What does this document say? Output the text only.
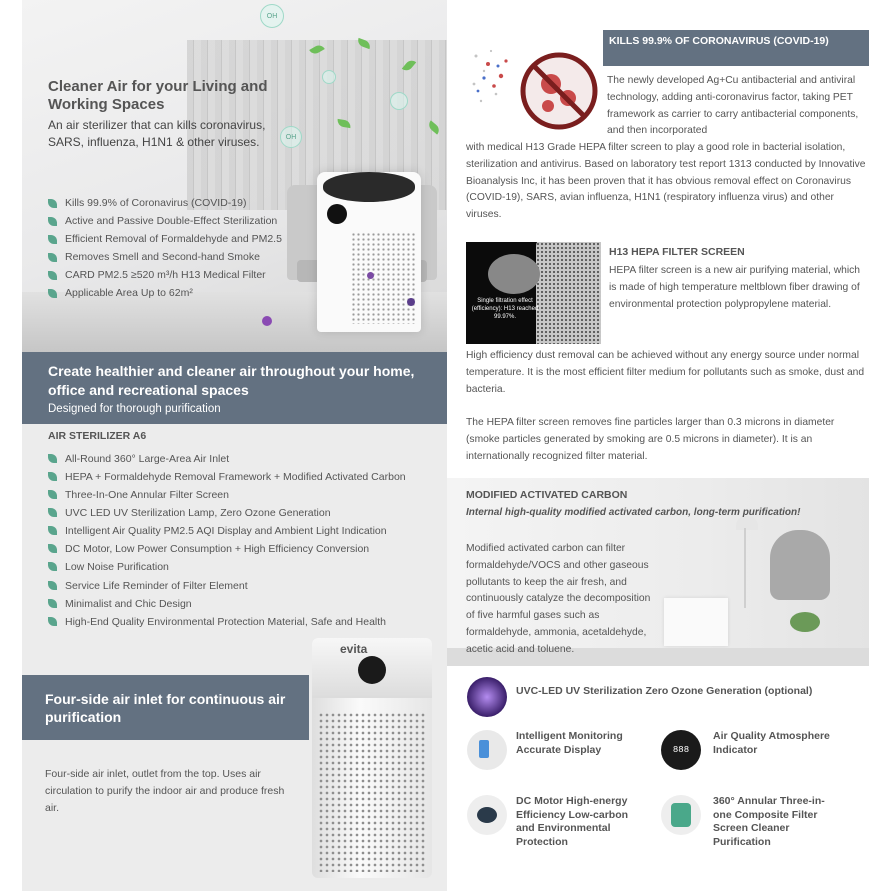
OH
OH
Cleaner Air for your Living and Working Spaces
An air sterilizer that can kills coronavirus, SARS, influenza, H1N1 & other viruses.
Kills 99.9% of Coronavirus (COVID-19)
Active and Passive Double-Effect Sterilization
Efficient Removal of Formaldehyde and PM2.5
Removes Smell and Second-hand Smoke
CARD PM2.5 ≥520 m³/h H13 Medical Filter
Applicable Area Up to 62m²
Create healthier and cleaner air throughout your home, office and recreational spaces
Designed for thorough purification
AIR STERILIZER A6
All-Round 360° Large-Area Air Inlet
HEPA + Formaldehyde Removal Framework + Modified Activated Carbon
Three-In-One Annular Filter Screen
UVC LED UV Sterilization Lamp, Zero Ozone Generation
Intelligent Air Quality PM2.5 AQI Display and Ambient Light Indication
DC Motor, Low Power Consumption + High Efficiency Conversion
Low Noise Purification
Service Life Reminder of Filter Element
Minimalist and Chic Design
High-End Quality Environmental Protection Material, Safe and Health
evita
Four-side air inlet for continuous air purification
Four-side air inlet, outlet from the top. Uses air circulation to purify the indoor air and produce fresh air.
KILLS 99.9% OF CORONAVIRUS (COVID-19)
The newly developed Ag+Cu antibacterial and antiviral technology, adding anti-coronavirus factor, taking PET framework as carrier to carry antibacterial components, and then incorporated
with medical H13 Grade HEPA filter screen to play a good role in bacterial isolation, sterilization and antivirus. Based on laboratory test report 1313 conducted by Innovative Bioanalysis Inc, it has been proven that it has obvious removal effect on Coronavirus (COVID-19), SARS, avian influenza, H1N1 (respiratory influenza virus) and other viruses.
Single filtration effect (efficiency): H13 reached 99.97%.
H13 HEPA FILTER SCREEN
HEPA filter screen is a new air purifying material, which is made of high temperature meltblown fiber drawing of environmental protection polypropylene material.
High efficiency dust removal can be achieved without any energy source under normal temperature. It is the most efficient filter medium for pollutants such as smoke, dust and bacteria.
The HEPA filter screen removes fine particles larger than 0.3 microns in diameter (smoke particles generated by smoking are 0.5 microns in diameter). It is an internationally recognized filter material.
MODIFIED ACTIVATED CARBON
Internal high-quality modified activated carbon, long-term purification!
Modified activated carbon can filter formaldehyde/VOCS and other gaseous pollutants to keep the air fresh, and continuously catalyze the decomposition of five harmful gases such as formaldehyde, ammonia, acetaldehyde, acetic acid and toluene.
UVC-LED UV Sterilization Zero Ozone Generation (optional)
Intelligent Monitoring Accurate Display	888
Air Quality Atmosphere Indicator
DC Motor High-energy Efficiency Low-carbon and Environmental Protection
360° Annular Three-in-one Composite Filter Screen Cleaner Purification
